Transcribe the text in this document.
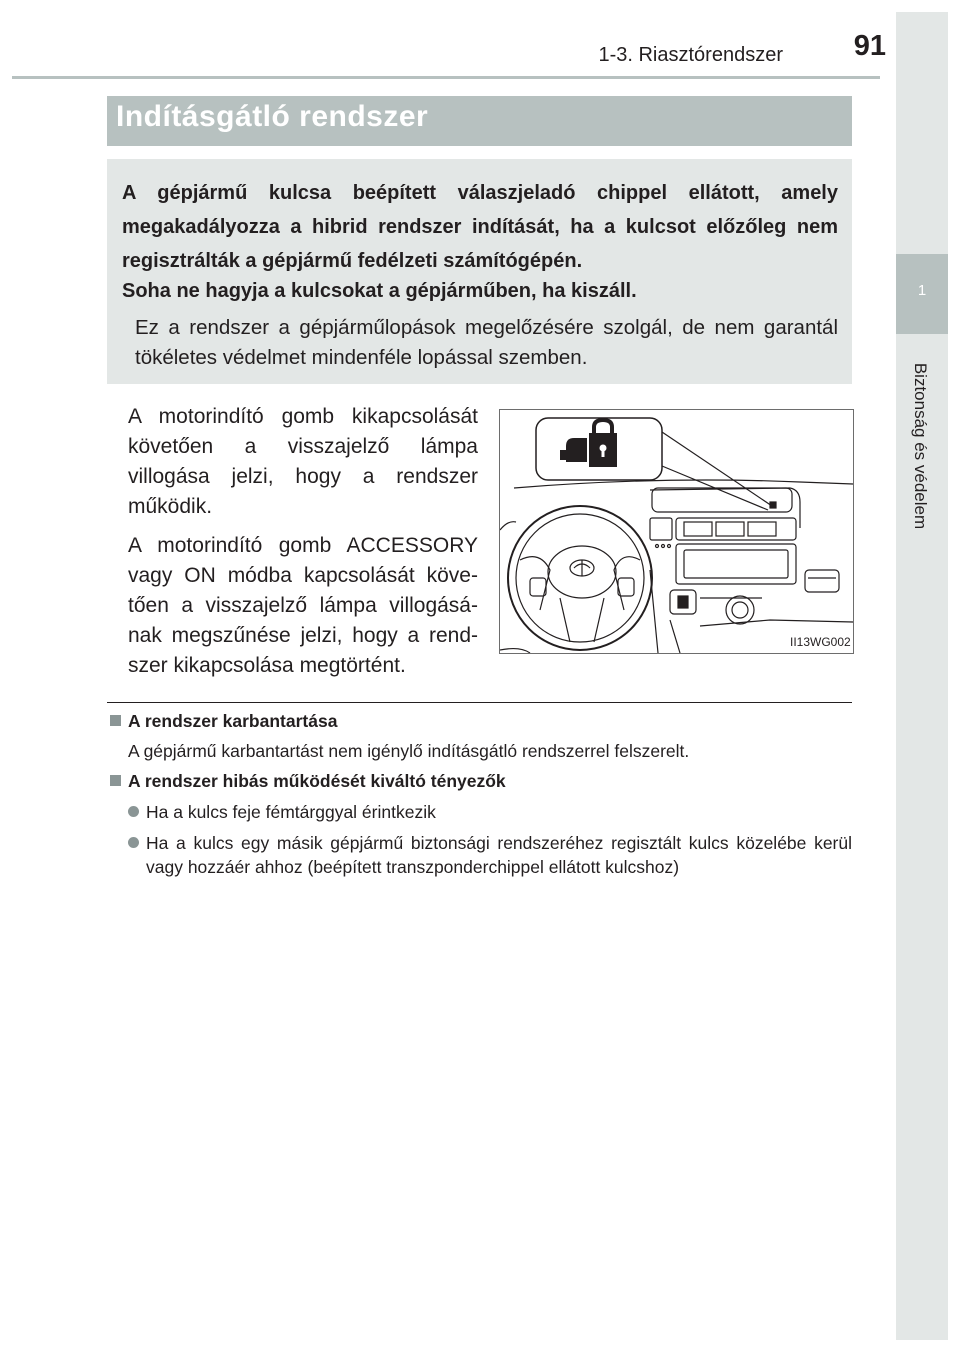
1-3. Riasztórendszer	91
1
Biztonság és védelem
Indításgátló rendszer

A gépjármű kulcsa beépített válaszjeladó chippel ellátott, amely megakadályozza a hibrid rendszer indítását, ha a kulcsot előzőleg nem regisztrálták a gépjármű fedélzeti számítógépén.

Soha ne hagyja a kulcsokat a gépjárműben, ha kiszáll.

Ez a rendszer a gépjárműlopások megelőzésére szolgál, de nem garantál tökéletes védelmet mindenféle lopással szemben.

A motorindító gomb kikapcsolását követően a visszajelző lámpa villogása jelzi, hogy a rendszer működik.

A motorindító gomb ACCESSORY vagy ON módba kapcsolását követően a visszajelző lámpa villogásának megszűnése jelzi, hogy a rendszer kikapcsolása megtörtént.

II13WG002
A rendszer karbantartása
A gépjármű karbantartást nem igénylő indításgátló rendszerrel felszerelt.
A rendszer hibás működését kiváltó tényezők

Ha a kulcs feje fémtárggyal érintkezik

Ha a kulcs egy másik gépjármű biztonsági rendszeréhez regisztált kulcs közelébe kerül vagy hozzáér ahhoz (beépített transzponderchippel ellátott kulcshoz)
